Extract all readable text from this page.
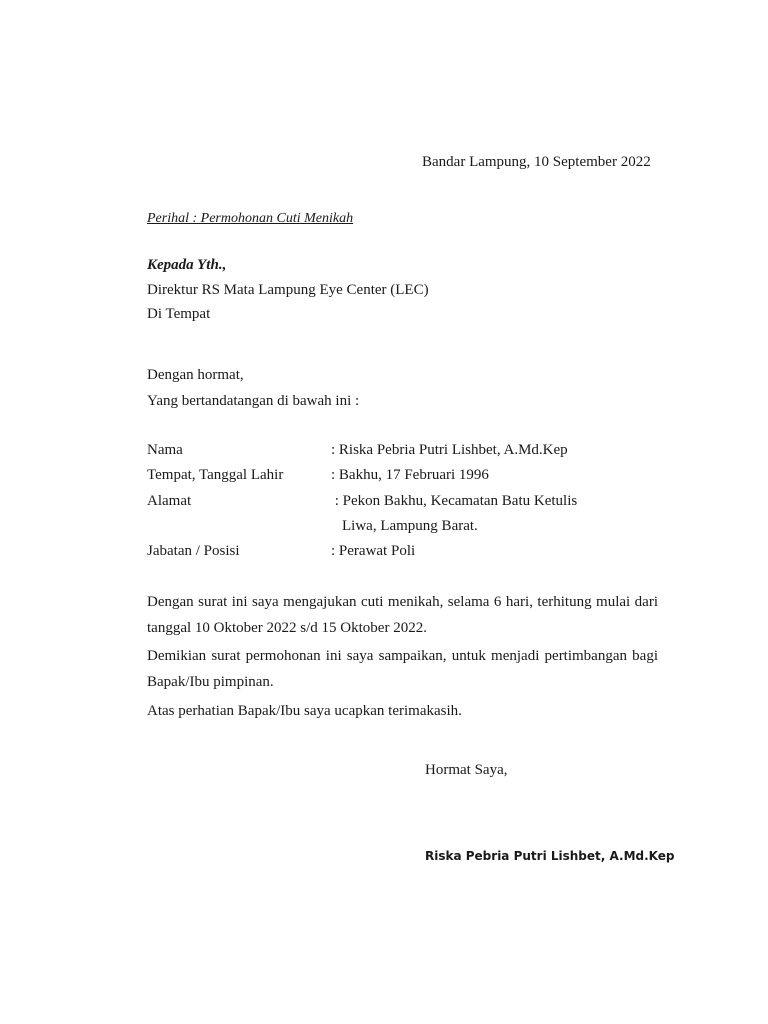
Bandar Lampung, 10 September 2022
Perihal : Permohonan Cuti Menikah
Kepada Yth.,
Direktur RS Mata Lampung Eye Center (LEC)
Di Tempat
Dengan hormat,
Yang bertandatangan di bawah ini :
Nama	: Riska Pebria Putri Lishbet, A.Md.Kep
Tempat, Tanggal Lahir	: Bakhu, 17 Februari 1996
Alamat	: Pekon Bakhu, Kecamatan Batu Ketulis
Liwa, Lampung Barat.
Jabatan / Posisi	: Perawat Poli
Dengan surat ini saya mengajukan cuti menikah, selama 6 hari, terhitung mulai dari tanggal 10 Oktober 2022 s/d 15 Oktober 2022.
Demikian surat permohonan ini saya sampaikan, untuk menjadi pertimbangan bagi Bapak/Ibu pimpinan.
Atas perhatian Bapak/Ibu saya ucapkan terimakasih.
Hormat Saya,
Riska Pebria Putri Lishbet, A.Md.Kep
